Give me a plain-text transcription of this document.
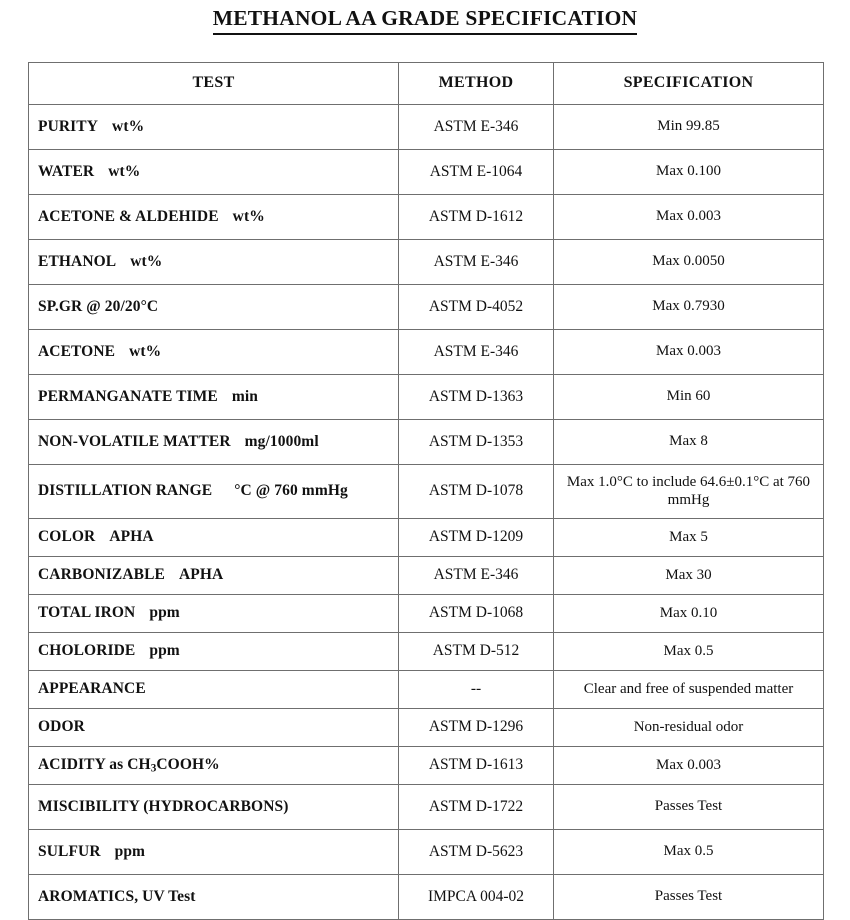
METHANOL AA GRADE SPECIFICATION
TEST	METHOD	SPECIFICATION
PURITY wt%	ASTM E-346	Min 99.85
WATER wt%	ASTM E-1064	Max 0.100
ACETONE & ALDEHIDE wt%	ASTM D-1612	Max 0.003
ETHANOL wt%	ASTM E-346	Max 0.0050
SP.GR @ 20/20°C	ASTM D-4052	Max 0.7930
ACETONE wt%	ASTM E-346	Max 0.003
PERMANGANATE TIME min	ASTM D-1363	Min 60
NON-VOLATILE MATTER mg/1000ml	ASTM D-1353	Max 8
DISTILLATION RANGE °C @ 760 mmHg	ASTM D-1078	Max 1.0°C to include 64.6±0.1°C at 760 mmHg
COLOR APHA	ASTM D-1209	Max 5
CARBONIZABLE APHA	ASTM E-346	Max 30
TOTAL IRON ppm	ASTM D-1068	Max 0.10
CHOLORIDE ppm	ASTM D-512	Max 0.5
APPEARANCE	--	Clear and free of suspended matter
ODOR	ASTM D-1296	Non-residual odor
ACIDITY as $CH_3COOH\%$	ASTM D-1613	Max 0.003
MISCIBILITY (HYDROCARBONS)	ASTM D-1722	Passes Test
SULFUR ppm	ASTM D-5623	Max 0.5
AROMATICS, UV Test	IMPCA 004-02	Passes Test
